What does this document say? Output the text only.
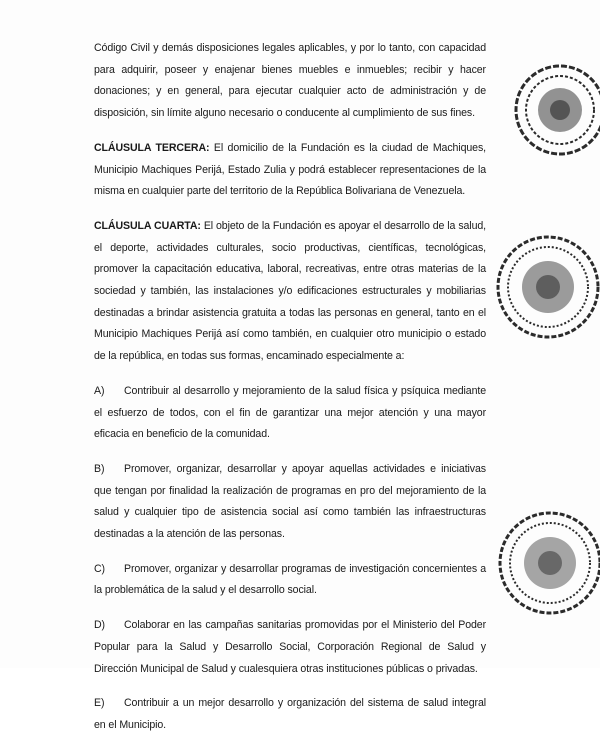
Código Civil y demás disposiciones legales aplicables, y por lo tanto, con capacidad para adquirir, poseer y enajenar bienes muebles e inmuebles; recibir y hacer donaciones; y en general, para ejecutar cualquier acto de administración y de disposición, sin límite alguno necesario o conducente al cumplimiento de sus fines.

CLÁUSULA TERCERA: El domicilio de la Fundación es la ciudad de Machiques, Municipio Machiques Perijá, Estado Zulia y podrá establecer representaciones de la misma en cualquier parte del territorio de la República Bolivariana de Venezuela.

CLÁUSULA CUARTA: El objeto de la Fundación es apoyar el desarrollo de la salud, el deporte, actividades culturales, socio productivas, científicas, tecnológicas, promover la capacitación educativa, laboral, recreativas, entre otras materias de la sociedad y también, las instalaciones y/o edificaciones estructurales y mobiliarias destinadas a brindar asistencia gratuita a todas las personas en general, tanto en el Municipio Machiques Perijá así como también, en cualquier otro municipio o estado de la república, en todas sus formas, encaminado especialmente a:

A) Contribuir al desarrollo y mejoramiento de la salud física y psíquica mediante el esfuerzo de todos, con el fin de garantizar una mejor atención y una mayor eficacia en beneficio de la comunidad.

B) Promover, organizar, desarrollar y apoyar aquellas actividades e iniciativas que tengan por finalidad la realización de programas en pro del mejoramiento de la salud y cualquier tipo de asistencia social así como también las infraestructuras destinadas a la atención de las personas.

C) Promover, organizar y desarrollar programas de investigación concernientes a la problemática de la salud y el desarrollo social.

D) Colaborar en las campañas sanitarias promovidas por el Ministerio del Poder Popular para la Salud y Desarrollo Social, Corporación Regional de Salud y Dirección Municipal de Salud y cualesquiera otras instituciones públicas o privadas.

E) Contribuir a un mejor desarrollo y organización del sistema de salud integral en el Municipio.
